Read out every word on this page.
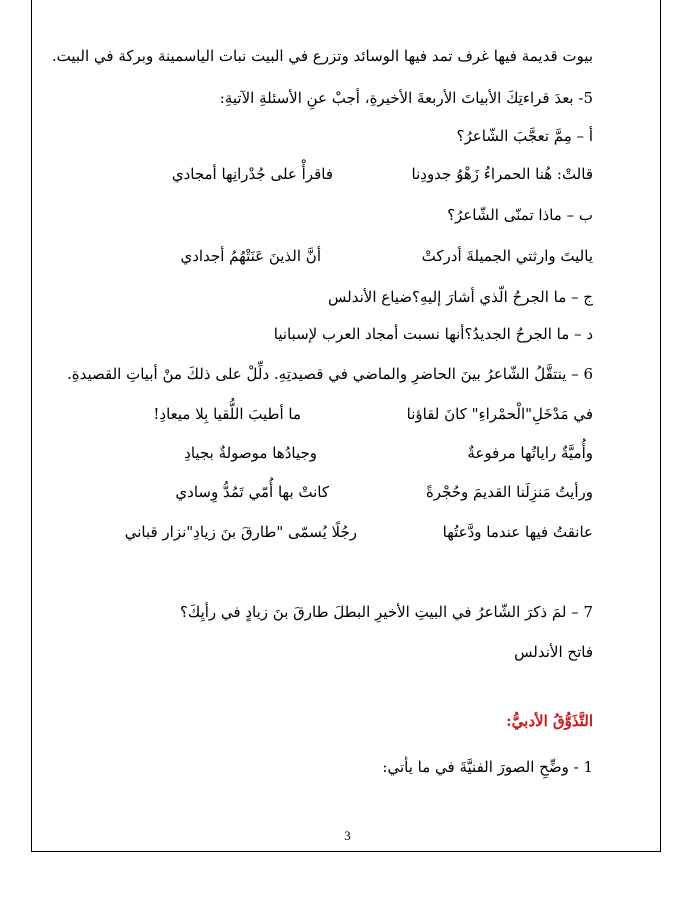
بيوت قديمة فيها غرف تمد فيها الوسائد وتزرع في البيت نبات الياسمينة وبركة في البيت.
5- بعدَ قراءتِكَ الأبياتَ الأربعةَ الأخيرةِ، أجبْ عنِ الأسئلةِ الآتيةِ:
أ – مِمَّ تعجَّبَ الشّاعرُ؟
قالتْ: هُنا الحمراءُ زَهْوُ جدودِنا
فاقرأْ على جُدْرانِها أمجادي
ب – ماذا تمنّى الشّاعرُ؟
ياليتَ وارثتي الجميلةَ أدركتْ
أنَّ الذينَ عَنَتْهُمُ أجدادي
ج – ما الجرحُ الّذي أشارَ إليهِ؟ضياع الأندلس
د – ما الجرحُ الجديدُ؟أنها نسبت أمجاد العرب لإسبانيا
6 – ينتقَّلُ الشّاعرُ بينَ الحاضرِ والماضي في قصيدتِهِ. دلِّلْ على ذلكَ منْ أبياتِ القصيدةِ.
في مَدْخَلِ"الْحمْراءِ" كانَ لقاؤنا
ما أطيبَ اللُّقيا بِلا ميعادِ!
وأُميَّةٌ راياتُها مرفوعةٌ
وجيادُها موصولةٌ بجيادِ
ورأيتُ مَنزِلَنا القديمَ وحُجْرةً
كانتْ بها أُمّي تَمُدُّ وِسادي
عانقتُ فيها عندما ودَّعتُها
رجُلًا يُسمّى "طارقَ بنَ زيادِ"نزار قباني
7 – لمَ ذكرَ الشّاعرُ في البيتِ الأخيرِ البطلَ طارقَ بنَ زيادٍ في رأيِكَ؟
فاتح الأندلس
التَّذَوُّقُ الأدبيُّ:
1 - وضِّحِ الصورَ الفنيَّةَ في ما يأتي:
3
